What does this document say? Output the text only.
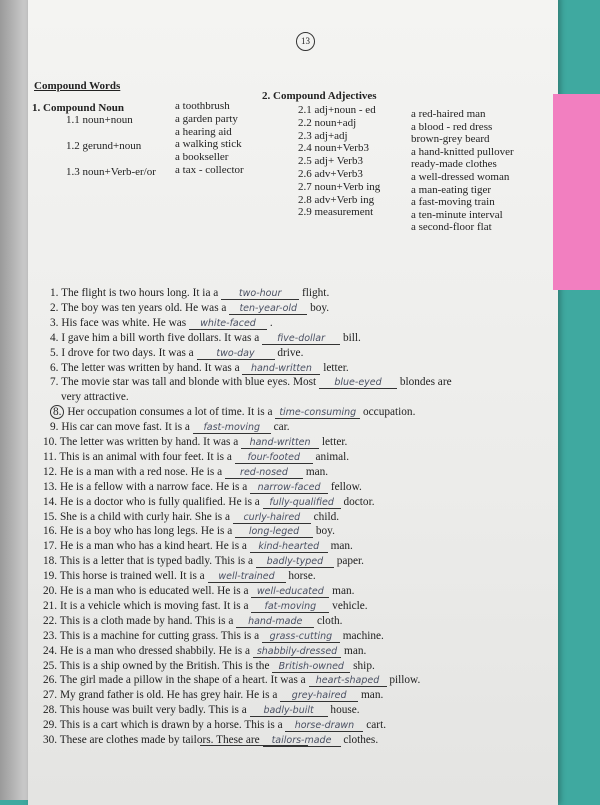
13
Compound Words
1. Compound Noun
1.1 noun+noun
1.2 gerund+noun
1.3 noun+Verb-er/or
a toothbrush
a garden party
a hearing aid
a walking stick
a bookseller
a tax - collector
2. Compound Adjectives
2.1 adj+noun - ed
2.2 noun+adj
2.3 adj+adj
2.4 noun+Verb3
2.5 adj+ Verb3
2.6 adv+Verb3
2.7 noun+Verb ing
2.8 adv+Verb ing
2.9 measurement
a red-haired man
a blood - red dress
brown-grey beard
a hand-knitted pullover
ready-made clothes
a well-dressed woman
a man-eating tiger
a fast-moving train
a ten-minute interval
a second-floor flat
1. The flight is two hours long. It ia a two-hour flight.
2. The boy was ten years old. He was a ten-year-old boy.
3. His face was white. He was white-faced .
4. I gave him a bill worth five dollars. It was a five-dollar bill.
5. I drove for two days. It was a two-day drive.
6. The letter was written by hand. It was a hand-written letter.
7. The movie star was tall and blonde with blue eyes. Most blue-eyed blondes are
very attractive.
8. Her occupation consumes a lot of time. It is a time-consuming occupation.
9. His car can move fast. It is a fast-moving car.
10. The letter was written by hand. It was a hand-written letter.
11. This is an animal with four feet. It is a four-footed animal.
12. He is a man with a red nose. He is a red-nosed man.
13. He is a fellow with a narrow face. He is a narrow-faced fellow.
14. He is a doctor who is fully qualified. He is a fully-qualified doctor.
15. She is a child with curly hair. She is a curly-haired child.
16. He is a boy who has long legs. He is a long-leged boy.
17. He is a man who has a kind heart. He is a kind-hearted man.
18. This is a letter that is typed badly. This is a badly-typed paper.
19. This horse is trained well. It is a well-trained horse.
20. He is a man who is educated well. He is a well-educated man.
21. It is a vehicle which is moving fast. It is a fat-moving vehicle.
22. This is a cloth made by hand. This is a hand-made cloth.
23. This is a machine for cutting grass. This is a grass-cutting machine.
24. He is a man who dressed shabbily. He is a shabbily-dressed man.
25. This is a ship owned by the British. This is the British-owned ship.
26. The girl made a pillow in the shape of a heart. It was a heart-shaped pillow.
27. My grand father is old. He has grey hair. He is a grey-haired man.
28. This house was built very badly. This is a badly-built house.
29. This is a cart which is drawn by a horse. This is a horse-drawn cart.
30. These are clothes made by tailors. These are tailors-made clothes.
